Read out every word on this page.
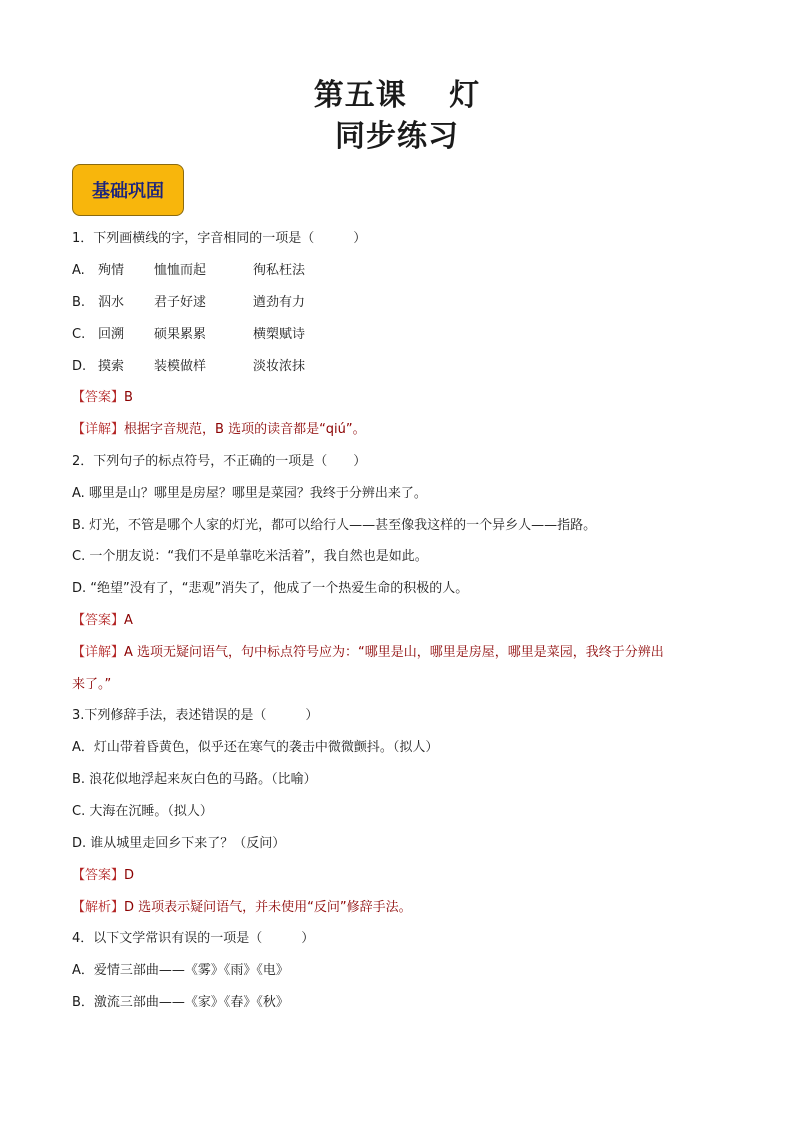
第五课　 灯
同步练习
基础巩固
1．下列画横线的字，字音相同的一项是（　　　）
A. 殉情 恤恤而起	徇私枉法
B. 泅水 君子好逑	遒劲有力
C. 回溯 硕果累累	横槊赋诗
D. 摸索 装模做样	淡妆浓抹
【答案】B
【详解】根据字音规范，B 选项的读音都是“qiú”。
2．下列句子的标点符号，不正确的一项是（　　）
A. 哪里是山？哪里是房屋？哪里是菜园？我终于分辨出来了。
B. 灯光，不管是哪个人家的灯光，都可以给行人——甚至像我这样的一个异乡人——指路。
C. 一个朋友说：“我们不是单靠吃米活着”，我自然也是如此。
D. “绝望”没有了，“悲观”消失了，他成了一个热爱生命的积极的人。
【答案】A
【详解】A 选项无疑问语气，句中标点符号应为：“哪里是山，哪里是房屋，哪里是菜园，我终于分辨出
来了。”
3.下列修辞手法，表述错误的是（　　　）
A．灯山带着昏黄色，似乎还在寒气的袭击中微微颤抖。（拟人）
B. 浪花似地浮起来灰白色的马路。（比喻）
C. 大海在沉睡。（拟人）
D. 谁从城里走回乡下来了？（反问）
【答案】D
【解析】D 选项表示疑问语气，并未使用“反问”修辞手法。
4．以下文学常识有误的一项是（　　　）
A．爱情三部曲——《雾》《雨》《电》
B．激流三部曲——《家》《春》《秋》
